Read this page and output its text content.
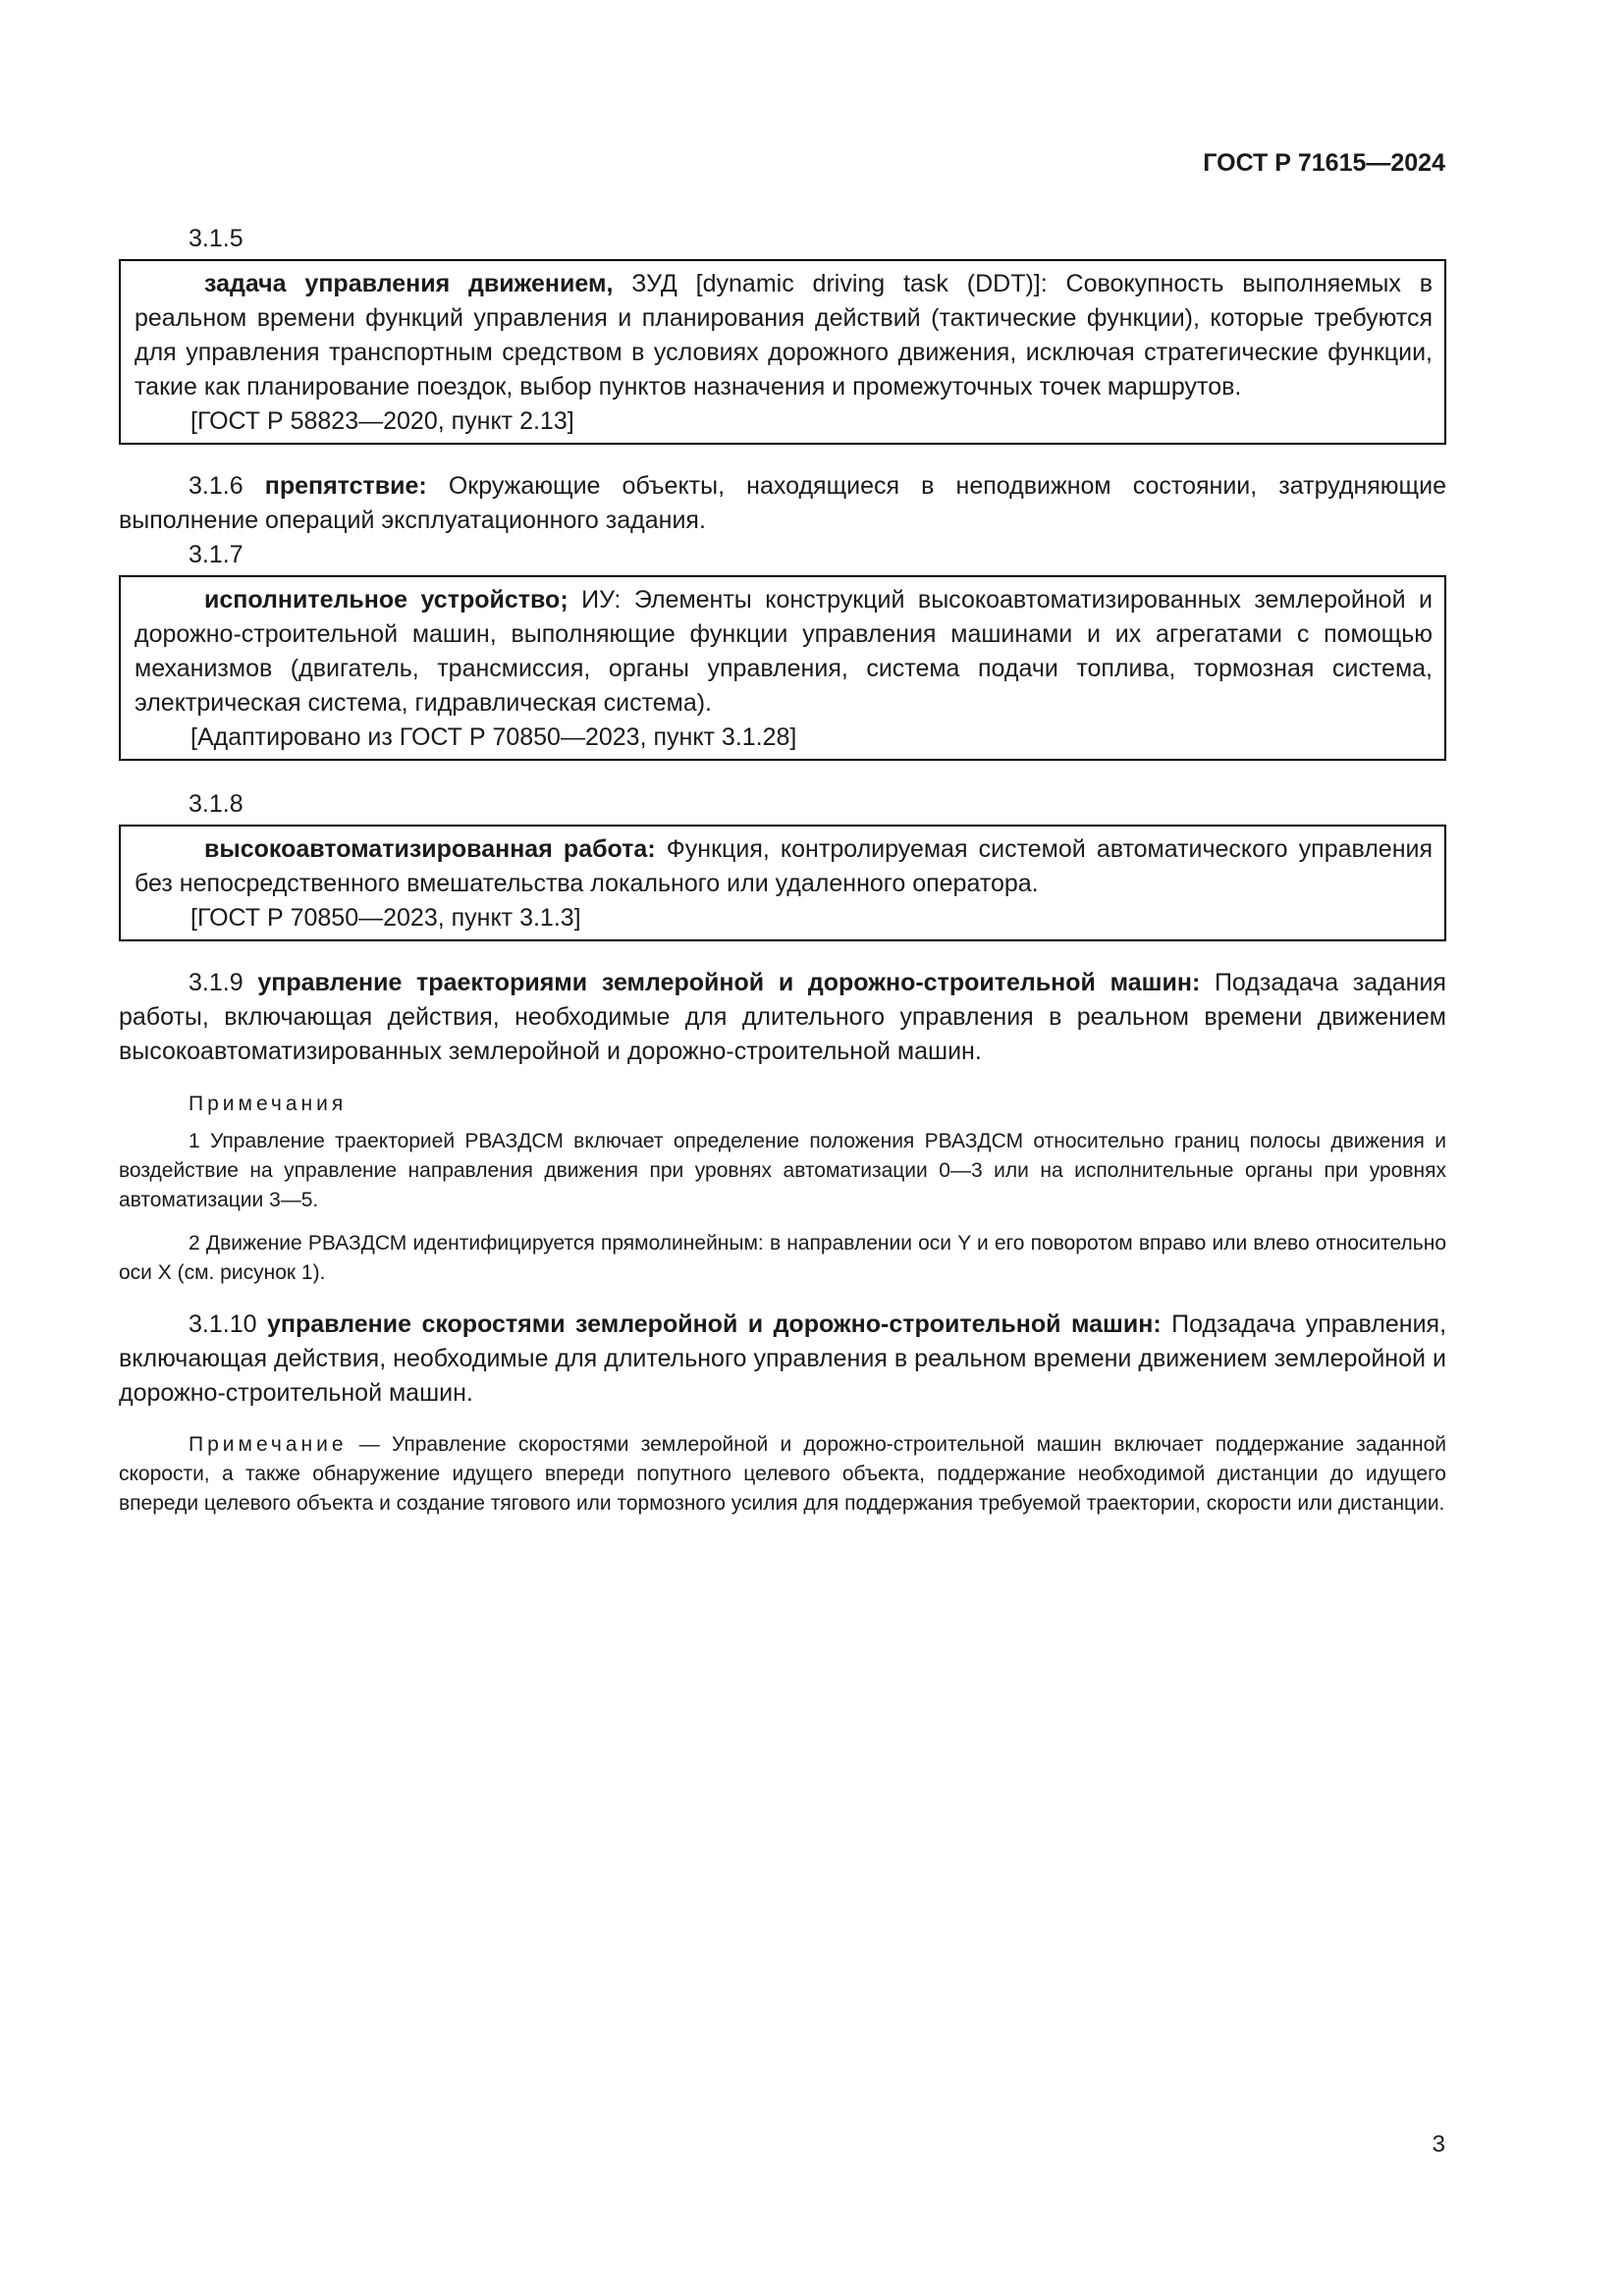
ГОСТ Р 71615—2024

3.1.5

задача управления движением, ЗУД [dynamic driving task (DDT)]: Совокупность выполняемых в реальном времени функций управления и планирования действий (тактические функции), которые требуются для управления транспортным средством в условиях дорожного движения, исключая стратегические функции, такие как планирование поездок, выбор пунктов назначения и промежуточных точек маршрутов.

[ГОСТ Р 58823—2020, пункт 2.13]

3.1.6 препятствие: Окружающие объекты, находящиеся в неподвижном состоянии, затрудняющие выполнение операций эксплуатационного задания.

3.1.7

исполнительное устройство; ИУ: Элементы конструкций высокоавтоматизированных землеройной и дорожно-строительной машин, выполняющие функции управления машинами и их агрегатами с помощью механизмов (двигатель, трансмиссия, органы управления, система подачи топлива, тормозная система, электрическая система, гидравлическая система).

[Адаптировано из ГОСТ Р 70850—2023, пункт 3.1.28]

3.1.8

высокоавтоматизированная работа: Функция, контролируемая системой автоматического управления без непосредственного вмешательства локального или удаленного оператора.

[ГОСТ Р 70850—2023, пункт 3.1.3]

3.1.9 управление траекториями землеройной и дорожно-строительной машин: Подзадача задания работы, включающая действия, необходимые для длительного управления в реальном времени движением высокоавтоматизированных землеройной и дорожно-строительной машин.

Примечания

1 Управление траекторией РВАЗДСМ включает определение положения РВАЗДСМ относительно границ полосы движения и воздействие на управление направления движения при уровнях автоматизации 0—3 или на исполнительные органы при уровнях автоматизации 3—5.

2 Движение РВАЗДСМ идентифицируется прямолинейным: в направлении оси Y и его поворотом вправо или влево относительно оси X (см. рисунок 1).

3.1.10 управление скоростями землеройной и дорожно-строительной машин: Подзадача управления, включающая действия, необходимые для длительного управления в реальном времени движением землеройной и дорожно-строительной машин.

Примечание — Управление скоростями землеройной и дорожно-строительной машин включает поддержание заданной скорости, а также обнаружение идущего впереди попутного целевого объекта, поддержание необходимой дистанции до идущего впереди целевого объекта и создание тягового или тормозного усилия для поддержания требуемой траектории, скорости или дистанции.

3
